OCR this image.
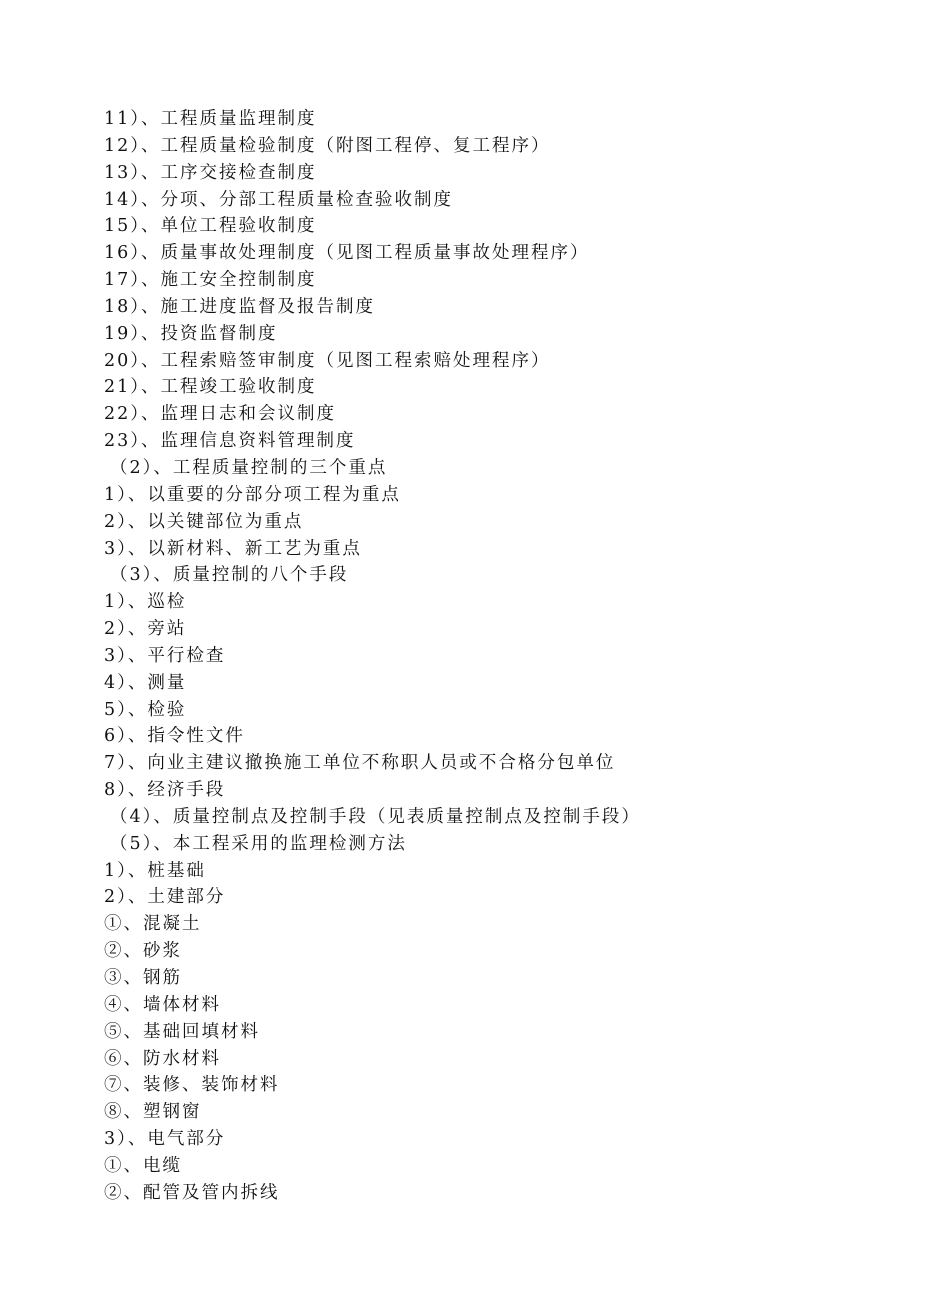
11）、工程质量监理制度
12）、工程质量检验制度（附图工程停、复工程序）
13）、工序交接检查制度
14）、分项、分部工程质量检查验收制度
15）、单位工程验收制度
16）、质量事故处理制度（见图工程质量事故处理程序）
17）、施工安全控制制度
18）、施工进度监督及报告制度
19）、投资监督制度
20）、工程索赔签审制度（见图工程索赔处理程序）
21）、工程竣工验收制度
22）、监理日志和会议制度
23）、监理信息资料管理制度
（2）、工程质量控制的三个重点
1）、以重要的分部分项工程为重点
2）、以关键部位为重点
3）、以新材料、新工艺为重点
（3）、质量控制的八个手段
1）、巡检
2）、旁站
3）、平行检查
4）、测量
5）、检验
6）、指令性文件
7）、向业主建议撤换施工单位不称职人员或不合格分包单位
8）、经济手段
（4）、质量控制点及控制手段（见表质量控制点及控制手段）
（5）、本工程采用的监理检测方法
1）、桩基础
2）、土建部分
①、混凝土
②、砂浆
③、钢筋
④、墙体材料
⑤、基础回填材料
⑥、防水材料
⑦、装修、装饰材料
⑧、塑钢窗
3）、电气部分
①、电缆
②、配管及管内拆线
